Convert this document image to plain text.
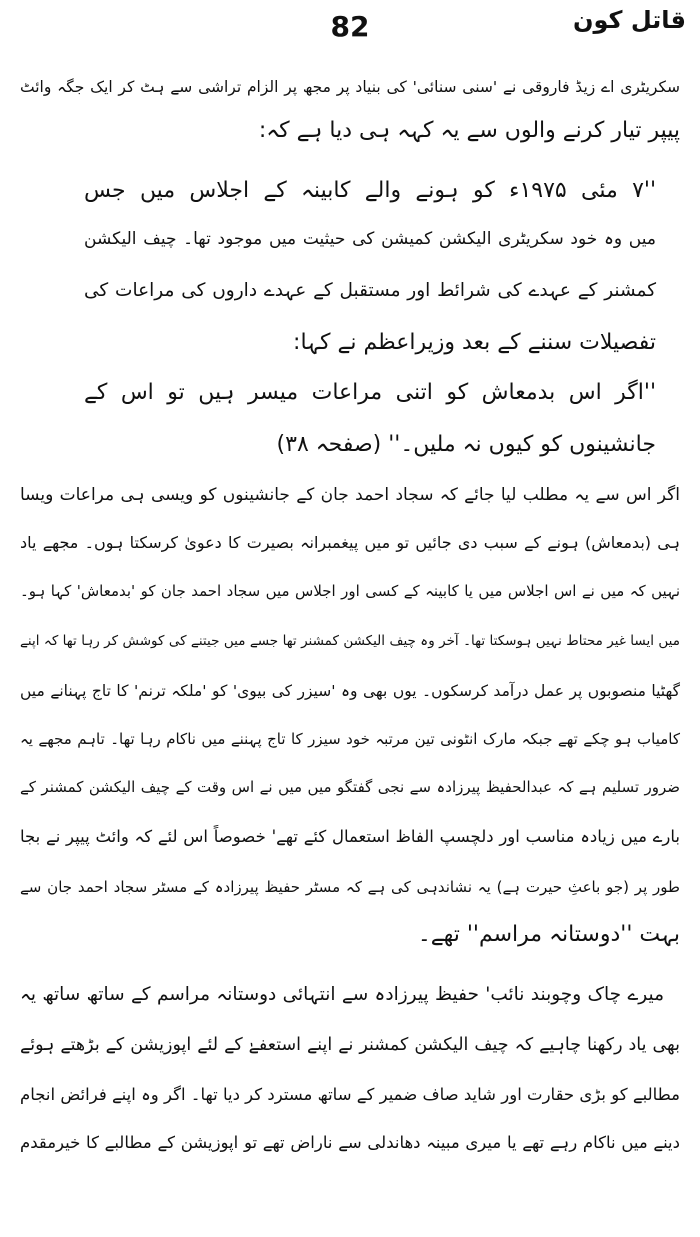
82	قاتل کون
سکریٹری اے زیڈ فاروقی نے 'سنی سنائی' کی بنیاد پر مجھ پر الزام تراشی سے ہٹ کر ایک جگہ وائٹ
پیپر تیار کرنے والوں سے یہ کہہ ہی دیا ہے کہ:
''۷ مئی ۱۹۷۵ء کو ہونے والے کابینہ کے اجلاس میں جس
میں وہ خود سکریٹری الیکشن کمیشن کی حیثیت میں موجود تھا۔ چیف الیکشن
کمشنر کے عہدے کی شرائط اور مستقبل کے عہدے داروں کی مراعات کی
تفصیلات سننے کے بعد وزیراعظم نے کہا:
''اگر اس بدمعاش کو اتنی مراعات میسر ہیں تو اس کے
جانشینوں کو کیوں نہ ملیں۔'' (صفحہ ۳۸)
اگر اس سے یہ مطلب لیا جائے کہ سجاد احمد جان کے جانشینوں کو ویسی ہی مراعات ویسا
ہی (بدمعاش) ہونے کے سبب دی جائیں تو میں پیغمبرانہ بصیرت کا دعویٰ کرسکتا ہوں۔ مجھے یاد
نہیں کہ میں نے اس اجلاس میں یا کابینہ کے کسی اور اجلاس میں سجاد احمد جان کو 'بدمعاش' کہا ہو۔
میں ایسا غیر محتاط نہیں ہوسکتا تھا۔ آخر وہ چیف الیکشن کمشنر تھا جسے میں جیتنے کی کوشش کر رہا تھا کہ اپنے
گھٹیا منصوبوں پر عمل درآمد کرسکوں۔ یوں بھی وہ 'سیزر کی بیوی' کو 'ملکہ ترنم' کا تاج پہنانے میں
کامیاب ہو چکے تھے جبکہ مارک انٹونی تین مرتبہ خود سیزر کا تاج پہننے میں ناکام رہا تھا۔ تاہم مجھے یہ
ضرور تسلیم ہے کہ عبدالحفیظ پیرزادہ سے نجی گفتگو میں میں نے اس وقت کے چیف الیکشن کمشنر کے
بارے میں زیادہ مناسب اور دلچسپ الفاظ استعمال کئے تھے' خصوصاً اس لئے کہ وائٹ پیپر نے بجا
طور پر (جو باعثِ حیرت ہے) یہ نشاندہی کی ہے کہ مسٹر حفیظ پیرزادہ کے مسٹر سجاد احمد جان سے
بہت ''دوستانہ مراسم'' تھے۔
میرے چاک وچوبند نائب' حفیظ پیرزادہ سے انتہائی دوستانہ مراسم کے ساتھ ساتھ یہ
بھی یاد رکھنا چاہیے کہ چیف الیکشن کمشنر نے اپنے استعفےٰ کے لئے اپوزیشن کے بڑھتے ہوئے
مطالبے کو بڑی حقارت اور شاید صاف ضمیر کے ساتھ مسترد کر دیا تھا۔ اگر وہ اپنے فرائض انجام
دینے میں ناکام رہے تھے یا میری مبینہ دھاندلی سے ناراض تھے تو اپوزیشن کے مطالبے کا خیرمقدم
